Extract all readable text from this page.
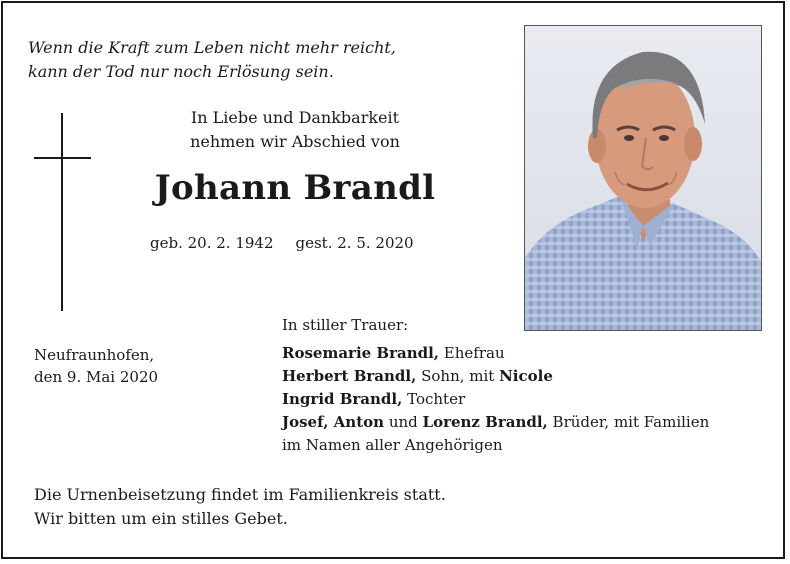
Wenn die Kraft zum Leben nicht mehr reicht,
kann der Tod nur noch Erlösung sein.
In Liebe und Dankbarkeit
nehmen wir Abschied von
Johann Brandl
geb. 20. 2. 1942 gest. 2. 5. 2020
Neufraunhofen,
den 9. Mai 2020
In stiller Trauer:
Rosemarie Brandl, Ehefrau
Herbert Brandl, Sohn, mit Nicole
Ingrid Brandl, Tochter
Josef, Anton und Lorenz Brandl, Brüder, mit Familien
im Namen aller Angehörigen
Die Urnenbeisetzung findet im Familienkreis statt.
Wir bitten um ein stilles Gebet.
